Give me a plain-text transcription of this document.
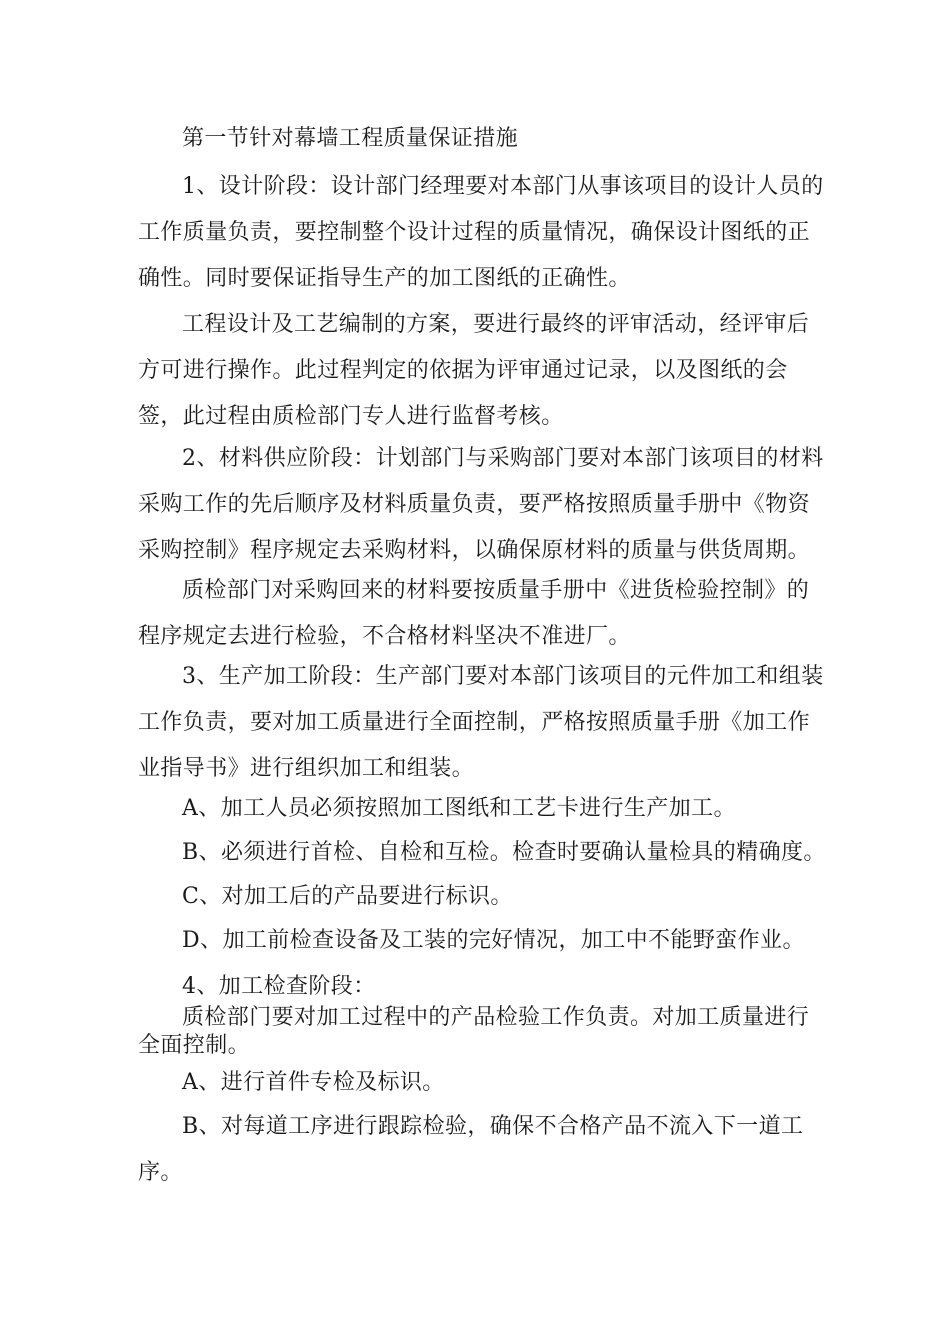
第一节针对幕墙工程质量保证措施

1、设计阶段：设计部门经理要对本部门从事该项目的设计人员的工作质量负责，要控制整个设计过程的质量情况，确保设计图纸的正确性。同时要保证指导生产的加工图纸的正确性。

工程设计及工艺编制的方案，要进行最终的评审活动，经评审后方可进行操作。此过程判定的依据为评审通过记录，以及图纸的会签，此过程由质检部门专人进行监督考核。

2、材料供应阶段：计划部门与采购部门要对本部门该项目的材料采购工作的先后顺序及材料质量负责，要严格按照质量手册中《物资采购控制》程序规定去采购材料，以确保原材料的质量与供货周期。

质检部门对采购回来的材料要按质量手册中《进货检验控制》的程序规定去进行检验，不合格材料坚决不准进厂。

3、生产加工阶段：生产部门要对本部门该项目的元件加工和组装工作负责，要对加工质量进行全面控制，严格按照质量手册《加工作业指导书》进行组织加工和组装。

A、加工人员必须按照加工图纸和工艺卡进行生产加工。

B、必须进行首检、自检和互检。检查时要确认量检具的精确度。

C、对加工后的产品要进行标识。

D、加工前检查设备及工装的完好情况，加工中不能野蛮作业。

4、加工检查阶段：

质检部门要对加工过程中的产品检验工作负责。对加工质量进行全面控制。

A、进行首件专检及标识。

B、对每道工序进行跟踪检验，确保不合格产品不流入下一道工序。
